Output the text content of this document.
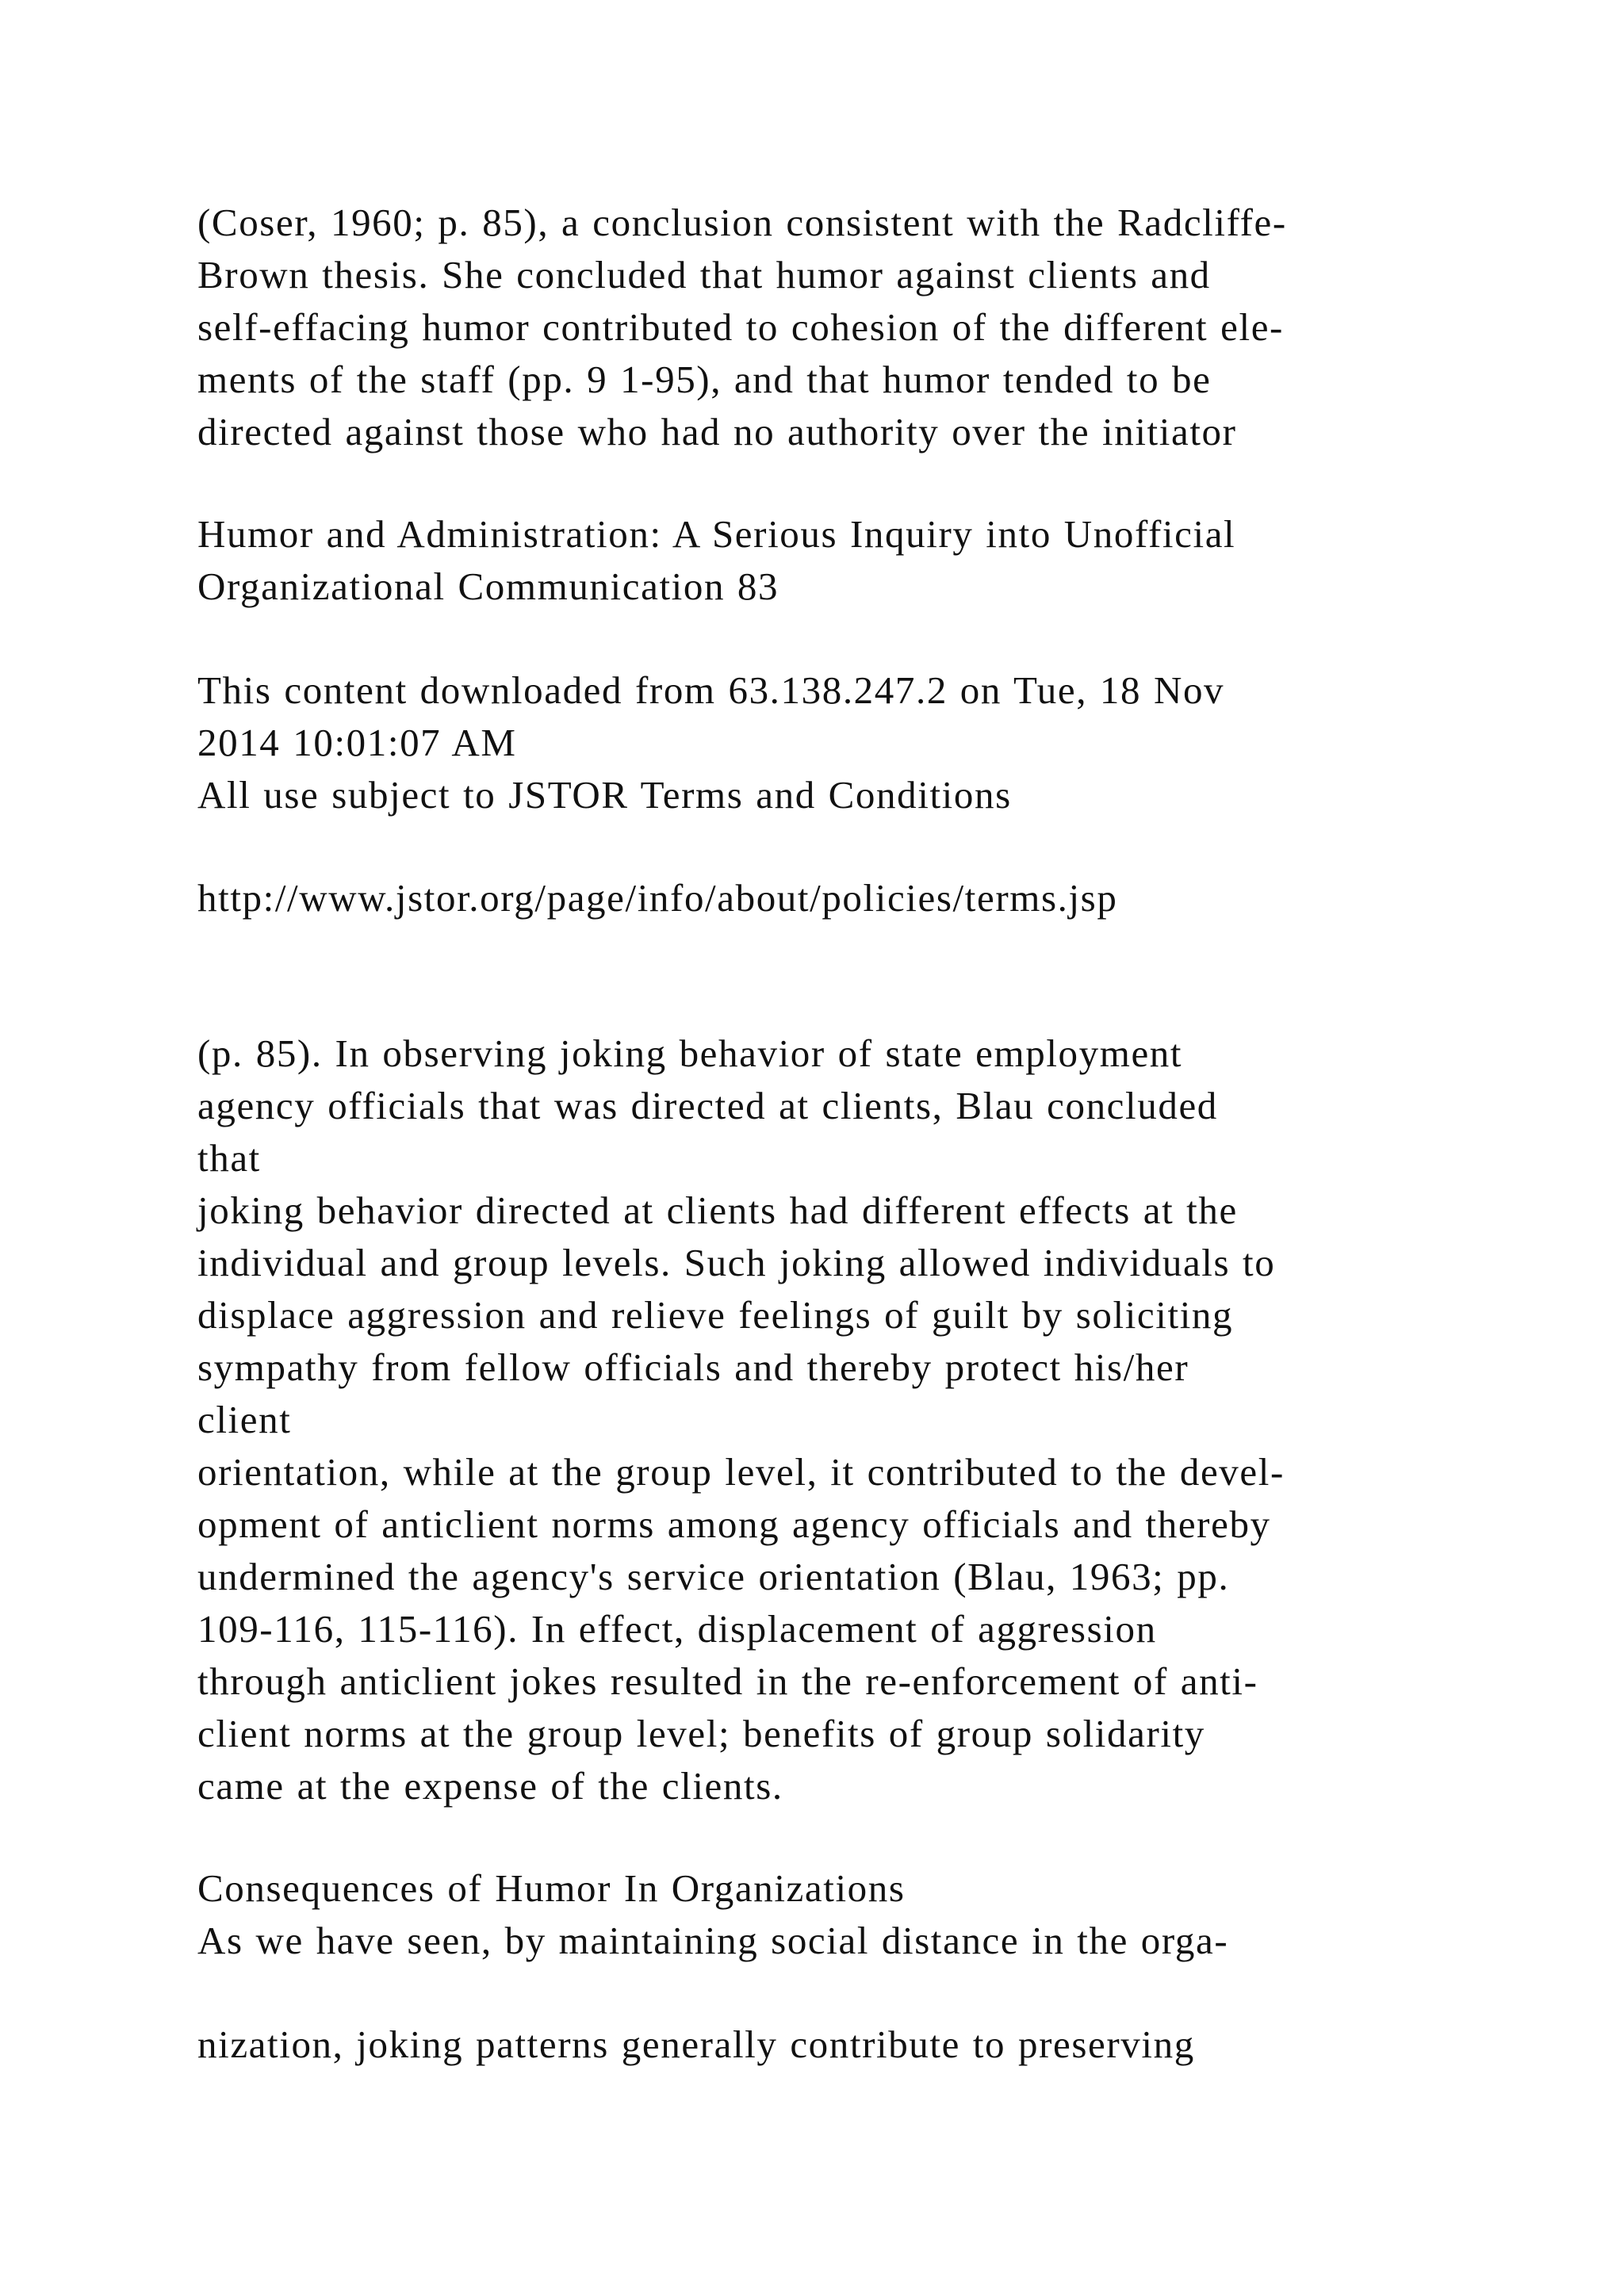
(Coser, 1960; p. 85), a conclusion consistent with the Radcliffe-
Brown thesis. She concluded that humor against clients and
self-effacing humor contributed to cohesion of the different ele-
ments of the staff (pp. 9 1-95), and that humor tended to be
directed against those who had no authority over the initiator

Humor and Administration: A Serious Inquiry into Unofficial
Organizational Communication 83

This content downloaded from 63.138.247.2 on Tue, 18 Nov
2014 10:01:07 AM
All use subject to JSTOR Terms and Conditions

http://www.jstor.org/page/info/about/policies/terms.jsp

(p. 85). In observing joking behavior of state employment
agency officials that was directed at clients, Blau concluded
that
joking behavior directed at clients had different effects at the
individual and group levels. Such joking allowed individuals to
displace aggression and relieve feelings of guilt by soliciting
sympathy from fellow officials and thereby protect his/her
client
orientation, while at the group level, it contributed to the devel-
opment of anticlient norms among agency officials and thereby
undermined the agency's service orientation (Blau, 1963; pp.
109-116, 115-116). In effect, displacement of aggression
through anticlient jokes resulted in the re-enforcement of anti-
client norms at the group level; benefits of group solidarity
came at the expense of the clients.

Consequences of Humor In Organizations
As we have seen, by maintaining social distance in the orga-

nization, joking patterns generally contribute to preserving
